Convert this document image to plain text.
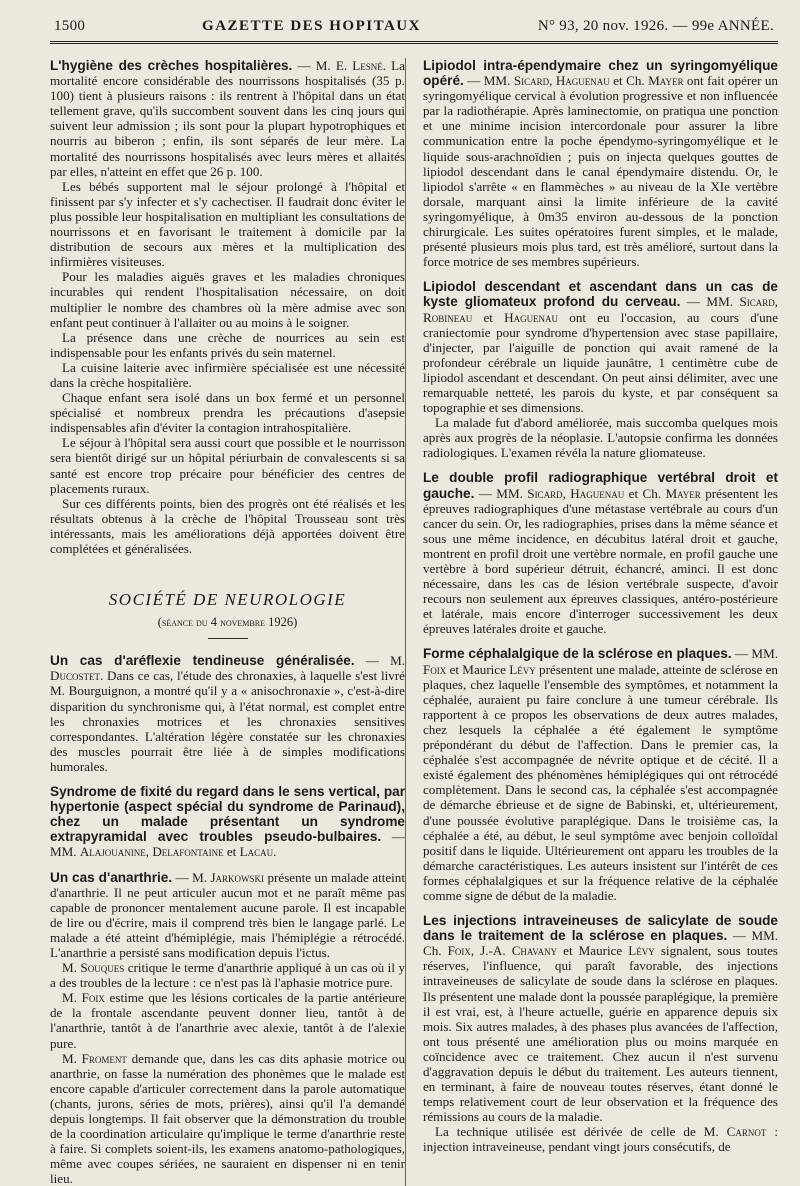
1500	GAZETTE DES HOPITAUX	N° 93, 20 nov. 1926. — 99e ANNÉE.

L'hygiène des crèches hospitalières. — M. E. Lesné. La mortalité encore considérable des nourrissons hospitalisés (35 p. 100) tient à plusieurs raisons : ils rentrent à l'hôpital dans un état tellement grave, qu'ils succombent souvent dans les cinq jours qui suivent leur admission ; ils sont pour la plupart hypotrophiques et nourris au biberon ; enfin, ils sont séparés de leur mère. La mortalité des nourrissons hospitalisés avec leurs mères et allaités par elles, n'atteint en effet que 26 p. 100.

Les bébés supportent mal le séjour prolongé à l'hôpital et finissent par s'y infecter et s'y cachectiser. Il faudrait donc éviter le plus possible leur hospitalisation en multipliant les consultations de nourrissons et en favorisant le traitement à domicile par la distribution de secours aux mères et la multiplication des infirmières visiteuses.

Pour les maladies aiguës graves et les maladies chroniques incurables qui rendent l'hospitalisation nécessaire, on doit multiplier le nombre des chambres où la mère admise avec son enfant peut continuer à l'allaiter ou au moins à le soigner.

La présence dans une crèche de nourrices au sein est indispensable pour les enfants privés du sein maternel.

La cuisine laiterie avec infirmière spécialisée est une nécessité dans la crèche hospitalière.

Chaque enfant sera isolé dans un box fermé et un personnel spécialisé et nombreux prendra les précautions d'asepsie indispensables afin d'éviter la contagion intrahospitalière.

Le séjour à l'hôpital sera aussi court que possible et le nourrisson sera bientôt dirigé sur un hôpital périurbain de convalescents si sa santé est encore trop précaire pour bénéficier des centres de placements ruraux.

Sur ces différents points, bien des progrès ont été réalisés et les résultats obtenus à la crèche de l'hôpital Trousseau sont très intéressants, mais les améliorations déjà apportées doivent être complétées et généralisées.

SOCIÉTÉ DE NEUROLOGIE
(séance du 4 novembre 1926)

Un cas d'aréflexie tendineuse généralisée. — M. Ducostet. Dans ce cas, l'étude des chronaxies, à laquelle s'est livré M. Bourguignon, a montré qu'il y a « anisochronaxie », c'est-à-dire disparition du synchronisme qui, à l'état normal, est complet entre les chronaxies motrices et les chronaxies sensitives correspondantes. L'altération légère constatée sur les chronaxies des muscles pourrait être liée à de simples modifications humorales.

Syndrome de fixité du regard dans le sens vertical, par hypertonie (aspect spécial du syndrome de Parinaud), chez un malade présentant un syndrome extrapyramidal avec troubles pseudo-bulbaires. — MM. Alajouanine, Delafontaine et Lacau.

Un cas d'anarthrie. — M. Jarkowski présente un malade atteint d'anarthrie. Il ne peut articuler aucun mot et ne paraît même pas capable de prononcer mentalement aucune parole. Il est incapable de lire ou d'écrire, mais il comprend très bien le langage parlé. Le malade a été atteint d'hémiplégie, mais l'hémiplégie a rétrocédé. L'anarthrie a persisté sans modification depuis l'ictus.

M. Souques critique le terme d'anarthrie appliqué à un cas où il y a des troubles de la lecture : ce n'est pas là l'aphasie motrice pure.

M. Foix estime que les lésions corticales de la partie antérieure de la frontale ascendante peuvent donner lieu, tantôt à de l'anarthrie, tantôt à de l'anarthrie avec alexie, tantôt à de l'alexie pure.

M. Froment demande que, dans les cas dits aphasie motrice ou anarthrie, on fasse la numération des phonèmes que le malade est encore capable d'articuler correctement dans la parole automatique (chants, jurons, séries de mots, prières), ainsi qu'il l'a demandé depuis longtemps. Il fait observer que la démonstration du trouble de la coordination articulaire qu'implique le terme d'anarthrie reste à faire. Si complets soient-ils, les examens anatomo-pathologiques, même avec coupes sériées, ne sauraient en dispenser ni en tenir lieu.

Lipiodol intra-épendymaire chez un syringomyélique opéré. — MM. Sicard, Haguenau et Ch. Mayer ont fait opérer un syringomyélique cervical à évolution progressive et non influencée par la radiothérapie. Après laminectomie, on pratiqua une ponction et une minime incision intercordonale pour assurer la libre communication entre la poche épendymo-syringomyélique et le liquide sous-arachnoïdien ; puis on injecta quelques gouttes de lipiodol descendant dans le canal épendymaire distendu. Or, le lipiodol s'arrête « en flammèches » au niveau de la XIe vertèbre dorsale, marquant ainsi la limite inférieure de la cavité syringomyélique, à 0m35 environ au-dessous de la ponction chirurgicale. Les suites opératoires furent simples, et le malade, présenté plusieurs mois plus tard, est très amélioré, surtout dans la force motrice de ses membres supérieurs.

Lipiodol descendant et ascendant dans un cas de kyste gliomateux profond du cerveau. — MM. Sicard, Robineau et Haguenau ont eu l'occasion, au cours d'une craniectomie pour syndrome d'hypertension avec stase papillaire, d'injecter, par l'aiguille de ponction qui avait ramené de la profondeur cérébrale un liquide jaunâtre, 1 centimètre cube de lipiodol ascendant et descendant. On peut ainsi délimiter, avec une remarquable netteté, les parois du kyste, et par conséquent sa topographie et ses dimensions.

La malade fut d'abord améliorée, mais succomba quelques mois après aux progrès de la néoplasie. L'autopsie confirma les données radiologiques. L'examen révéla la nature gliomateuse.

Le double profil radiographique vertébral droit et gauche. — MM. Sicard, Haguenau et Ch. Mayer présentent les épreuves radiographiques d'une métastase vertébrale au cours d'un cancer du sein. Or, les radiographies, prises dans la même séance et sous une même incidence, en décubitus latéral droit et gauche, montrent en profil droit une vertèbre normale, en profil gauche une vertèbre à bord supérieur détruit, échancré, aminci. Il est donc nécessaire, dans les cas de lésion vertébrale suspecte, d'avoir recours non seulement aux épreuves classiques, antéro-postérieure et latérale, mais encore d'interroger successivement les deux épreuves latérales droite et gauche.

Forme céphalalgique de la sclérose en plaques. — MM. Foix et Maurice Lévy présentent une malade, atteinte de sclérose en plaques, chez laquelle l'ensemble des symptômes, et notamment la céphalée, auraient pu faire conclure à une tumeur cérébrale. Ils rapportent à ce propos les observations de deux autres malades, chez lesquels la céphalée a été également le symptôme prépondérant du début de l'affection. Dans le premier cas, la céphalée s'est accompagnée de névrite optique et de cécité. Il a existé également des phénomènes hémiplégiques qui ont rétrocédé complètement. Dans le second cas, la céphalée s'est accompagnée de démarche ébrieuse et de signe de Babinski, et, ultérieurement, d'une poussée évolutive paraplégique. Dans le troisième cas, la céphalée a été, au début, le seul symptôme avec benjoin colloïdal positif dans le liquide. Ultérieurement ont apparu les troubles de la démarche caractéristiques. Les auteurs insistent sur l'intérêt de ces formes céphalalgiques et sur la fréquence relative de la céphalée comme signe de début de la maladie.

Les injections intraveineuses de salicylate de soude dans le traitement de la sclérose en plaques. — MM. Ch. Foix, J.-A. Chavany et Maurice Lévy signalent, sous toutes réserves, l'influence, qui paraît favorable, des injections intraveineuses de salicylate de soude dans la sclérose en plaques. Ils présentent une malade dont la poussée paraplégique, la première il est vrai, est, à l'heure actuelle, guérie en apparence depuis six mois. Six autres malades, à des phases plus avancées de l'affection, ont tous présenté une amélioration plus ou moins marquée en coïncidence avec ce traitement. Chez aucun il n'est survenu d'aggravation depuis le début du traitement. Les auteurs tiennent, en terminant, à faire de nouveau toutes réserves, étant donné le temps relativement court de leur observation et la fréquence des rémissions au cours de la maladie.

La technique utilisée est dérivée de celle de M. Carnot : injection intraveineuse, pendant vingt jours consécutifs, de
